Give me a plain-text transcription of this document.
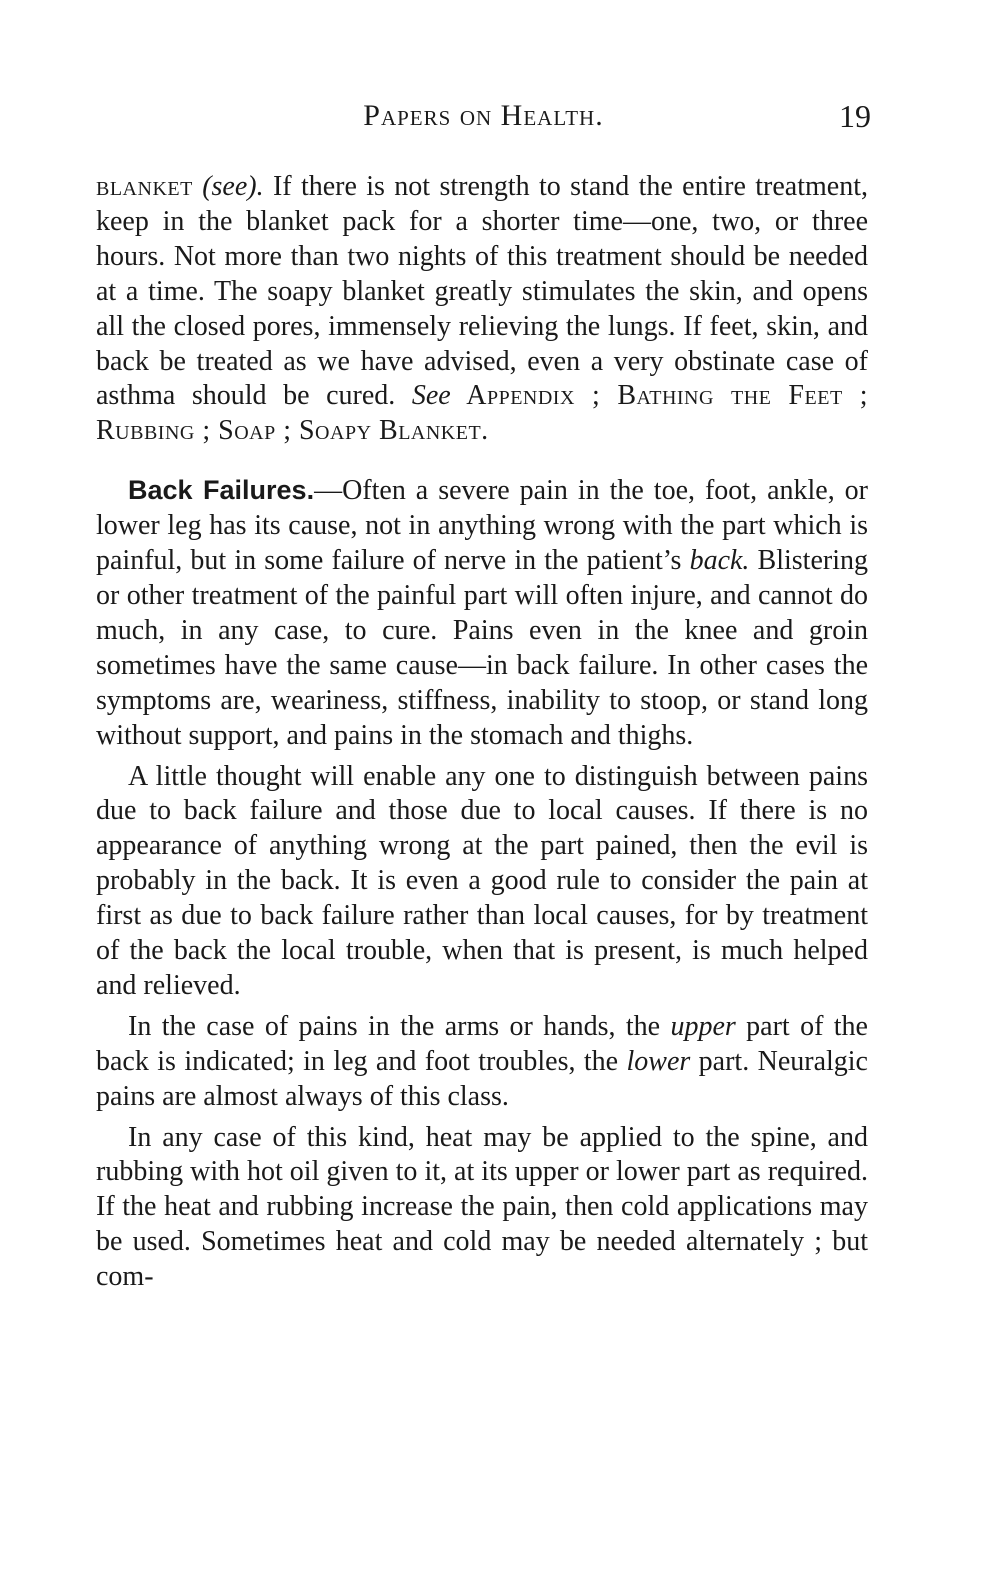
Papers on Health.	19

blanket (see). If there is not strength to stand the entire treatment, keep in the blanket pack for a shorter time—one, two, or three hours. Not more than two nights of this treatment should be needed at a time. The soapy blanket greatly stimulates the skin, and opens all the closed pores, immensely relieving the lungs. If feet, skin, and back be treated as we have advised, even a very obstinate case of asthma should be cured. See Appendix ; Bathing the Feet ; Rubbing ; Soap ; Soapy Blanket.

Back Failures.—Often a severe pain in the toe, foot, ankle, or lower leg has its cause, not in anything wrong with the part which is painful, but in some failure of nerve in the patient’s back. Blistering or other treatment of the painful part will often injure, and cannot do much, in any case, to cure. Pains even in the knee and groin sometimes have the same cause—in back failure. In other cases the symptoms are, weariness, stiffness, inability to stoop, or stand long without support, and pains in the stomach and thighs.

A little thought will enable any one to distinguish between pains due to back failure and those due to local causes. If there is no appearance of anything wrong at the part pained, then the evil is probably in the back. It is even a good rule to consider the pain at first as due to back failure rather than local causes, for by treatment of the back the local trouble, when that is present, is much helped and relieved.

In the case of pains in the arms or hands, the upper part of the back is indicated; in leg and foot troubles, the lower part. Neuralgic pains are almost always of this class.

In any case of this kind, heat may be applied to the spine, and rubbing with hot oil given to it, at its upper or lower part as required. If the heat and rubbing increase the pain, then cold applications may be used. Sometimes heat and cold may be needed alternately ; but com-
